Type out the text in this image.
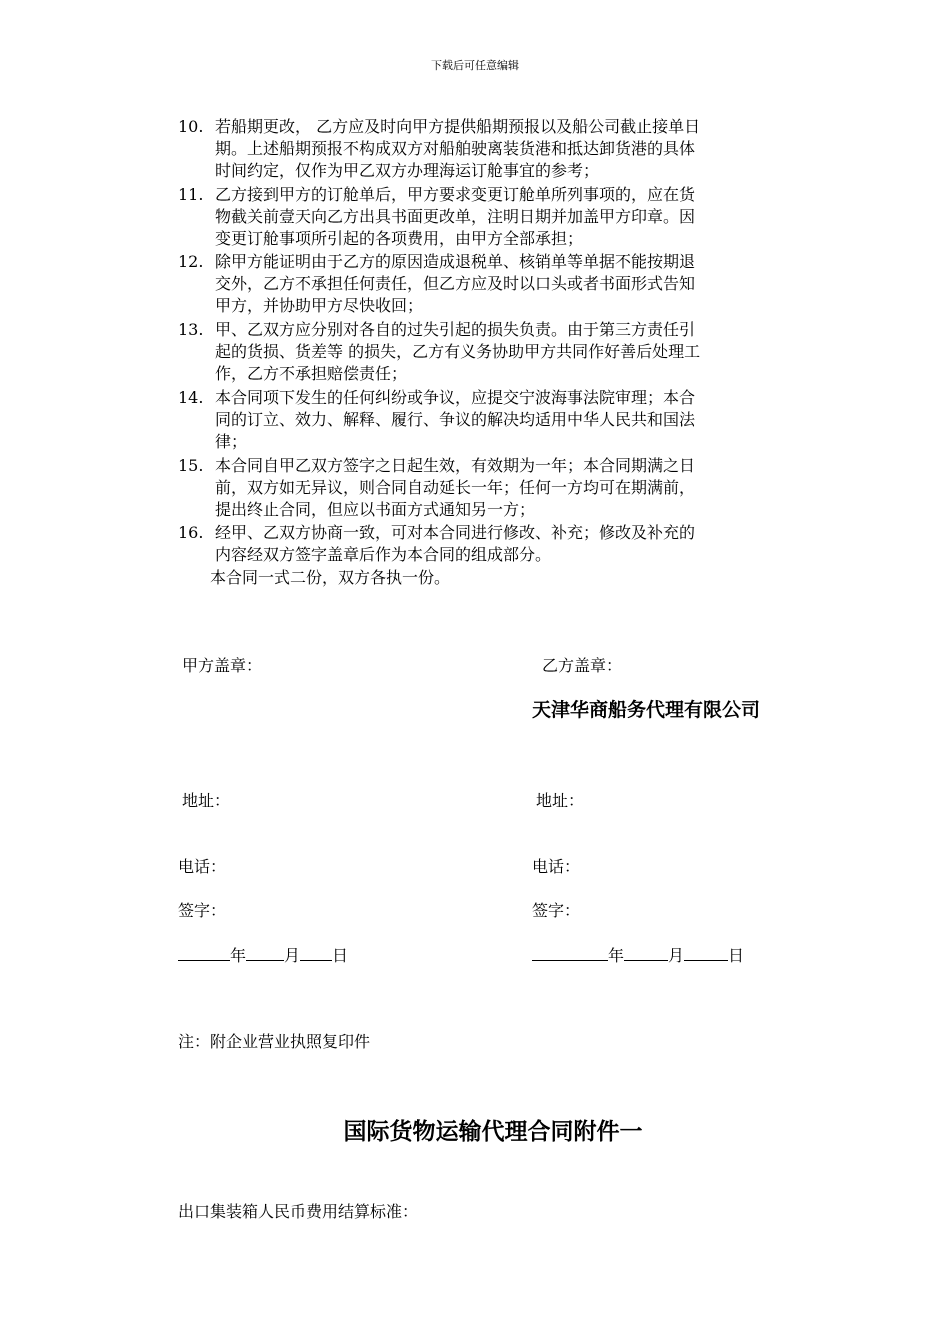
下载后可任意编辑
10. 若船期更改， 乙方应及时向甲方提供船期预报以及船公司截止接单日
期。上述船期预报不构成双方对船舶驶离装货港和抵达卸货港的具体
时间约定，仅作为甲乙双方办理海运订舱事宜的参考；
11. 乙方接到甲方的订舱单后，甲方要求变更订舱单所列事项的，应在货
物截关前壹天向乙方出具书面更改单，注明日期并加盖甲方印章。因
变更订舱事项所引起的各项费用，由甲方全部承担；
12. 除甲方能证明由于乙方的原因造成退税单、核销单等单据不能按期退
交外，乙方不承担任何责任，但乙方应及时以口头或者书面形式告知
甲方，并协助甲方尽快收回；
13. 甲、乙双方应分别对各自的过失引起的损失负责。由于第三方责任引
起的货损、货差等 的损失，乙方有义务协助甲方共同作好善后处理工
作，乙方不承担赔偿责任；
14. 本合同项下发生的任何纠纷或争议，应提交宁波海事法院审理；本合
同的订立、效力、解释、履行、争议的解决均适用中华人民共和国法
律；
15. 本合同自甲乙双方签字之日起生效，有效期为一年；本合同期满之日
前，双方如无异议，则合同自动延长一年；任何一方均可在期满前，
提出终止合同，但应以书面方式通知另一方；
16. 经甲、乙双方协商一致，可对本合同进行修改、补充；修改及补充的
内容经双方签字盖章后作为本合同的组成部分。
本合同一式二份，双方各执一份。
甲方盖章：
地址：
电话：
签字：
年 月 日
乙方盖章：
天津华商船务代理有限公司
地址：
电话：
签字：
年	月	日
注：附企业营业执照复印件
国际货物运输代理合同附件一
出口集装箱人民币费用结算标准：
